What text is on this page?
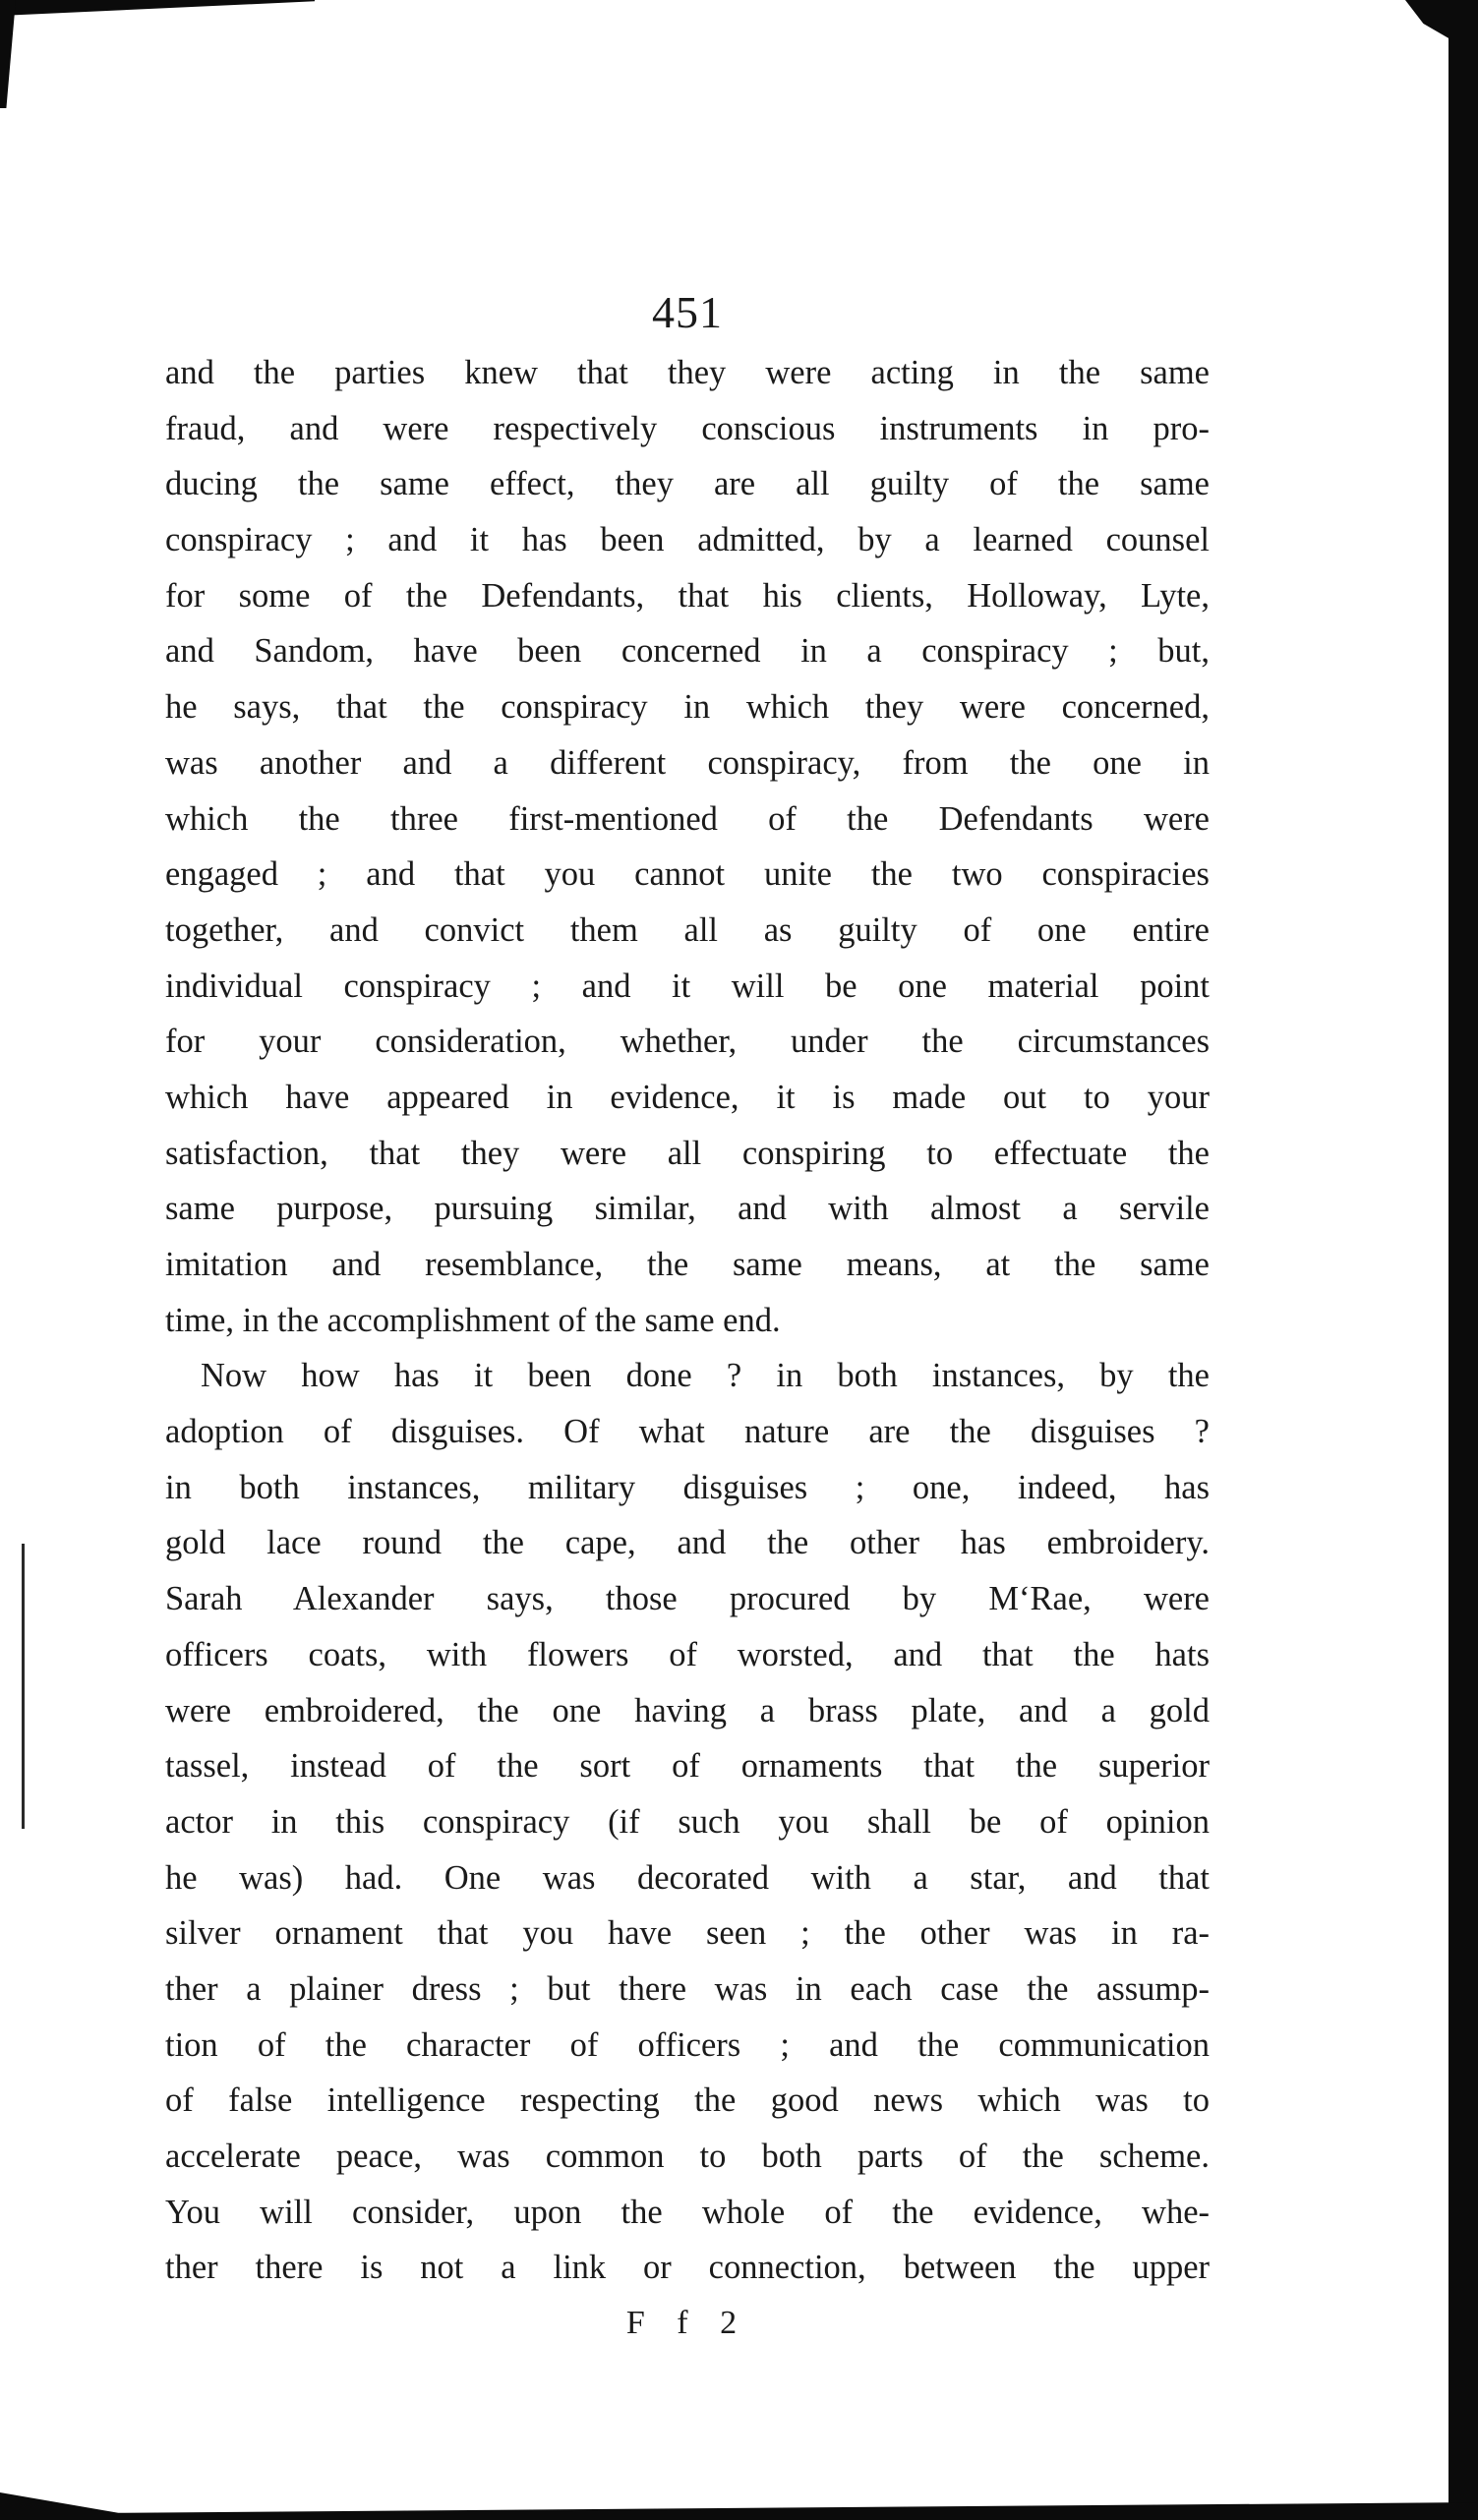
451
and the parties knew that they were acting in the same
fraud, and were respectively conscious instruments in pro-
ducing the same effect, they are all guilty of the same
conspiracy ; and it has been admitted, by a learned counsel
for some of the Defendants, that his clients, Holloway, Lyte,
and Sandom, have been concerned in a conspiracy ; but,
he says, that the conspiracy in which they were concerned,
was another and a different conspiracy, from the one in
which the three first-mentioned of the Defendants were
engaged ; and that you cannot unite the two conspiracies
together, and convict them all as guilty of one entire
individual conspiracy ; and it will be one material point
for your consideration, whether, under the circumstances
which have appeared in evidence, it is made out to your
satisfaction, that they were all conspiring to effectuate the
same purpose, pursuing similar, and with almost a servile
imitation and resemblance, the same means, at the same
time, in the accomplishment of the same end.
Now how has it been done ? in both instances, by the
adoption of disguises. Of what nature are the disguises ?
in both instances, military disguises ; one, indeed, has
gold lace round the cape, and the other has embroidery.
Sarah Alexander says, those procured by M‘Rae, were
officers coats, with flowers of worsted, and that the hats
were embroidered, the one having a brass plate, and a gold
tassel, instead of the sort of ornaments that the superior
actor in this conspiracy (if such you shall be of opinion
he was) had. One was decorated with a star, and that
silver ornament that you have seen ; the other was in ra-
ther a plainer dress ; but there was in each case the assump-
tion of the character of officers ; and the communication
of false intelligence respecting the good news which was to
accelerate peace, was common to both parts of the scheme.
You will consider, upon the whole of the evidence, whe-
ther there is not a link or connection, between the upper
F f 2
